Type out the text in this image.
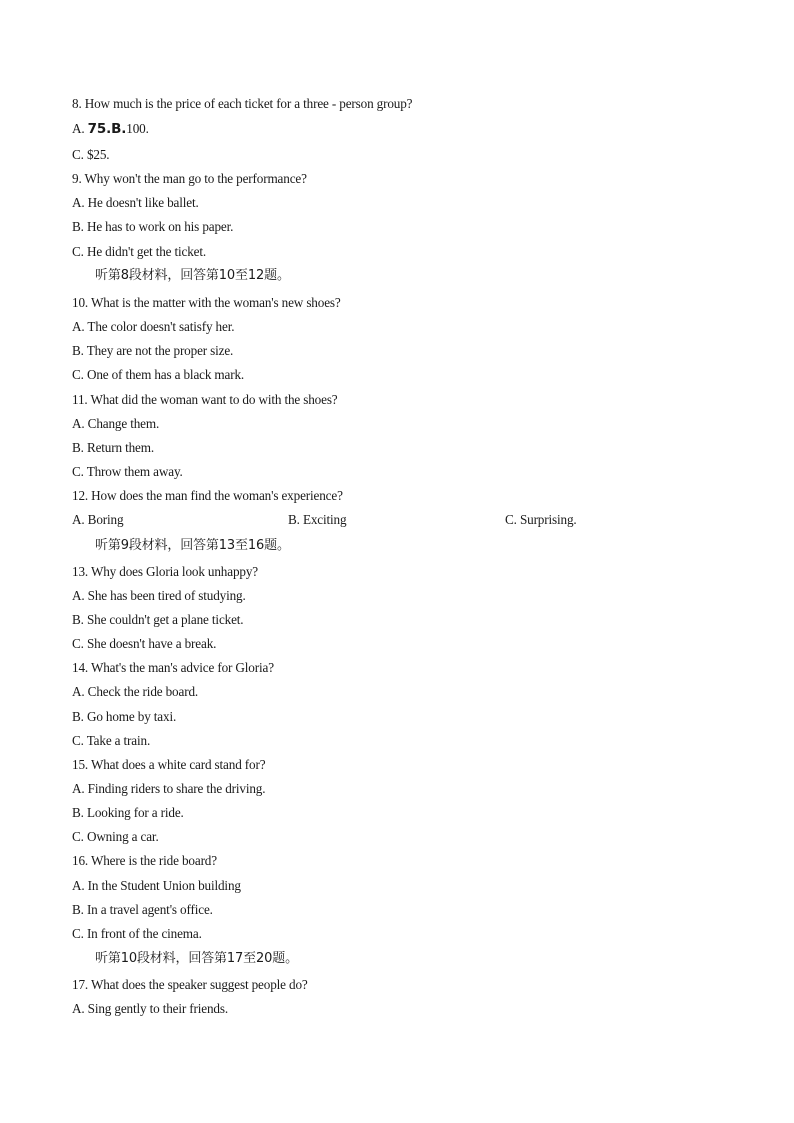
8. How much is the price of each ticket for a three - person group?
A. 75.B.100.
C. $25.
9. Why won't the man go to the performance?
A. He doesn't like ballet.
B. He has to work on his paper.
C. He didn't get the ticket.
听第8段材料，回答第10至12题。
10. What is the matter with the woman's new shoes?
A. The color doesn't satisfy her.
B. They are not the proper size.
C. One of them has a black mark.
11. What did the woman want to do with the shoes?
A. Change them.
B. Return them.
C. Throw them away.
12. How does the man find the woman's experience?
A. Boring	B. Exciting	C. Surprising.
听第9段材料，回答第13至16题。
13. Why does Gloria look unhappy?
A. She has been tired of studying.
B. She couldn't get a plane ticket.
C. She doesn't have a break.
14. What's the man's advice for Gloria?
A. Check the ride board.
B. Go home by taxi.
C. Take a train.
15. What does a white card stand for?
A. Finding riders to share the driving.
B. Looking for a ride.
C. Owning a car.
16. Where is the ride board?
A. In the Student Union building
B. In a travel agent's office.
C. In front of the cinema.
听第10段材料，回答第17至20题。
17. What does the speaker suggest people do?
A. Sing gently to their friends.
